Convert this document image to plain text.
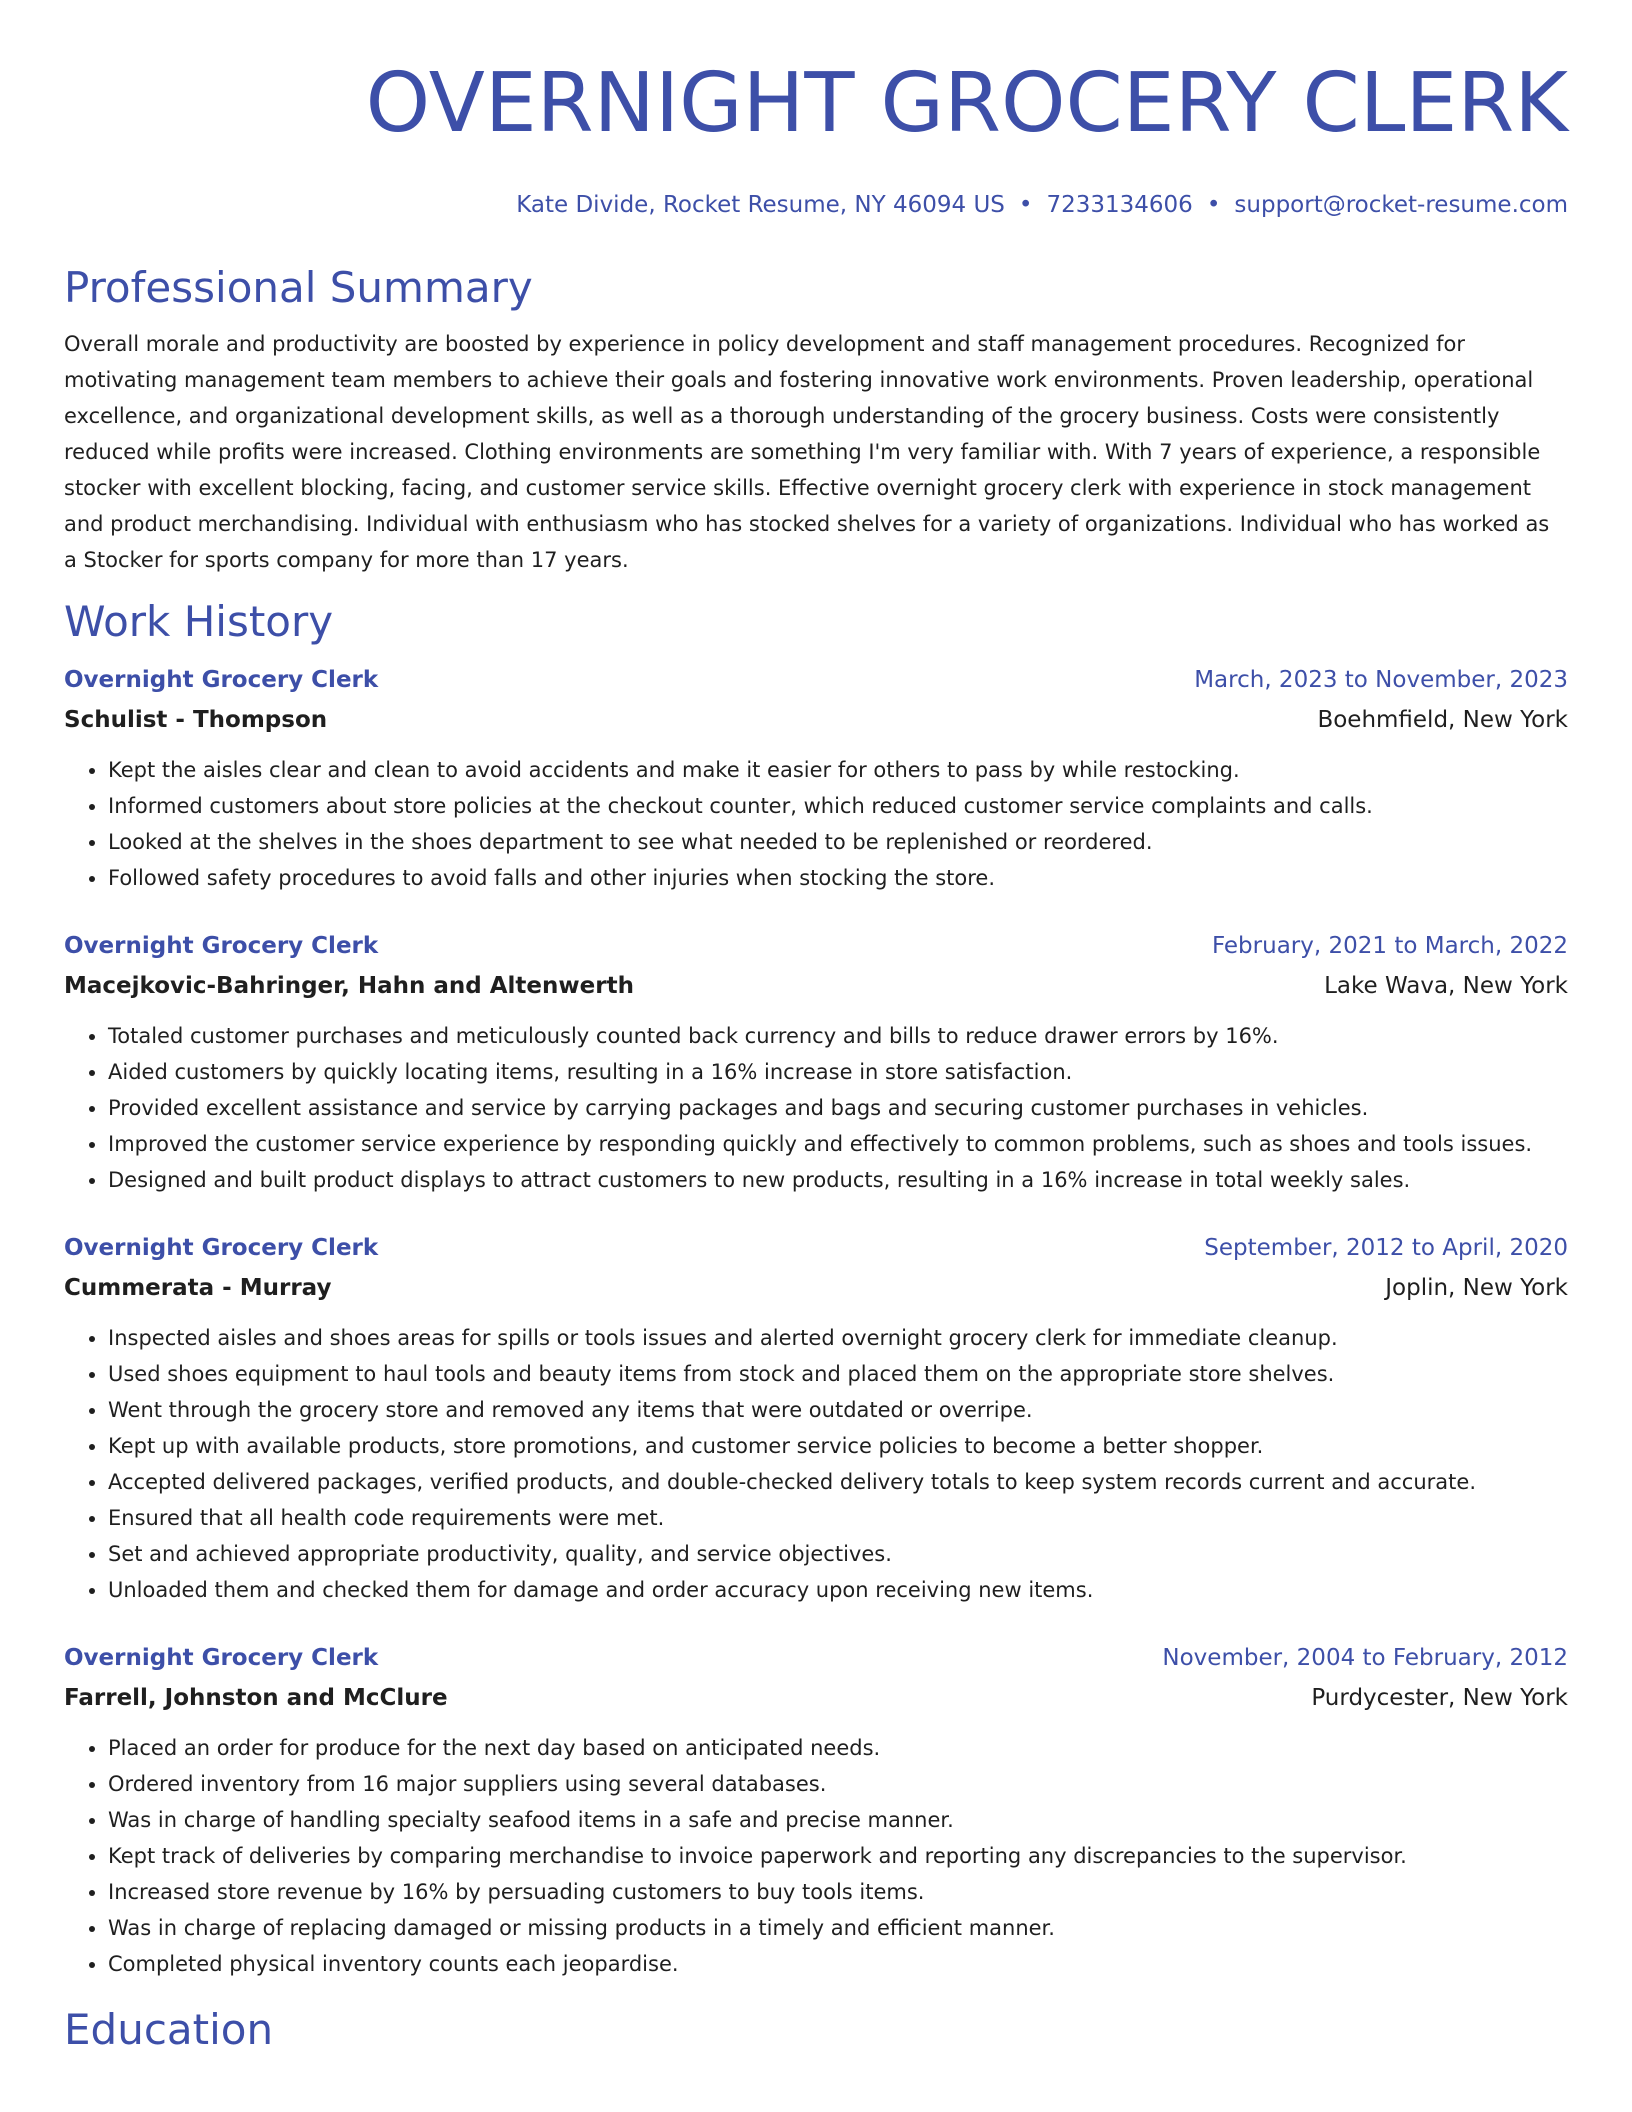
OVERNIGHT GROCERY CLERK
Kate Divide, Rocket Resume, NY 46094 US • 7233134606 • support@rocket-resume.com
Professional Summary

Overall morale and productivity are boosted by experience in policy development and staff management procedures. Recognized for motivating management team members to achieve their goals and fostering innovative work environments. Proven leadership, operational excellence, and organizational development skills, as well as a thorough understanding of the grocery business. Costs were consistently reduced while profits were increased. Clothing environments are something I'm very familiar with. With 7 years of experience, a responsible stocker with excellent blocking, facing, and customer service skills. Effective overnight grocery clerk with experience in stock management and product merchandising. Individual with enthusiasm who has stocked shelves for a variety of organizations. Individual who has worked as a Stocker for sports company for more than 17 years.

Work History
Overnight Grocery Clerk	March, 2023 to November, 2023
Schulist - Thompson	Boehmfield, New York
• Kept the aisles clear and clean to avoid accidents and make it easier for others to pass by while restocking.
• Informed customers about store policies at the checkout counter, which reduced customer service complaints and calls.
• Looked at the shelves in the shoes department to see what needed to be replenished or reordered.
• Followed safety procedures to avoid falls and other injuries when stocking the store.
Overnight Grocery Clerk	February, 2021 to March, 2022
Macejkovic-Bahringer, Hahn and Altenwerth	Lake Wava, New York
• Totaled customer purchases and meticulously counted back currency and bills to reduce drawer errors by 16%.
• Aided customers by quickly locating items, resulting in a 16% increase in store satisfaction.
• Provided excellent assistance and service by carrying packages and bags and securing customer purchases in vehicles.
• Improved the customer service experience by responding quickly and effectively to common problems, such as shoes and tools issues.
• Designed and built product displays to attract customers to new products, resulting in a 16% increase in total weekly sales.
Overnight Grocery Clerk	September, 2012 to April, 2020
Cummerata - Murray	Joplin, New York
• Inspected aisles and shoes areas for spills or tools issues and alerted overnight grocery clerk for immediate cleanup.
• Used shoes equipment to haul tools and beauty items from stock and placed them on the appropriate store shelves.
• Went through the grocery store and removed any items that were outdated or overripe.
• Kept up with available products, store promotions, and customer service policies to become a better shopper.
• Accepted delivered packages, verified products, and double-checked delivery totals to keep system records current and accurate.
• Ensured that all health code requirements were met.
• Set and achieved appropriate productivity, quality, and service objectives.
• Unloaded them and checked them for damage and order accuracy upon receiving new items.
Overnight Grocery Clerk	November, 2004 to February, 2012
Farrell, Johnston and McClure	Purdycester, New York
• Placed an order for produce for the next day based on anticipated needs.
• Ordered inventory from 16 major suppliers using several databases.
• Was in charge of handling specialty seafood items in a safe and precise manner.
• Kept track of deliveries by comparing merchandise to invoice paperwork and reporting any discrepancies to the supervisor.
• Increased store revenue by 16% by persuading customers to buy tools items.
• Was in charge of replacing damaged or missing products in a timely and efficient manner.
• Completed physical inventory counts each jeopardise.
Education
